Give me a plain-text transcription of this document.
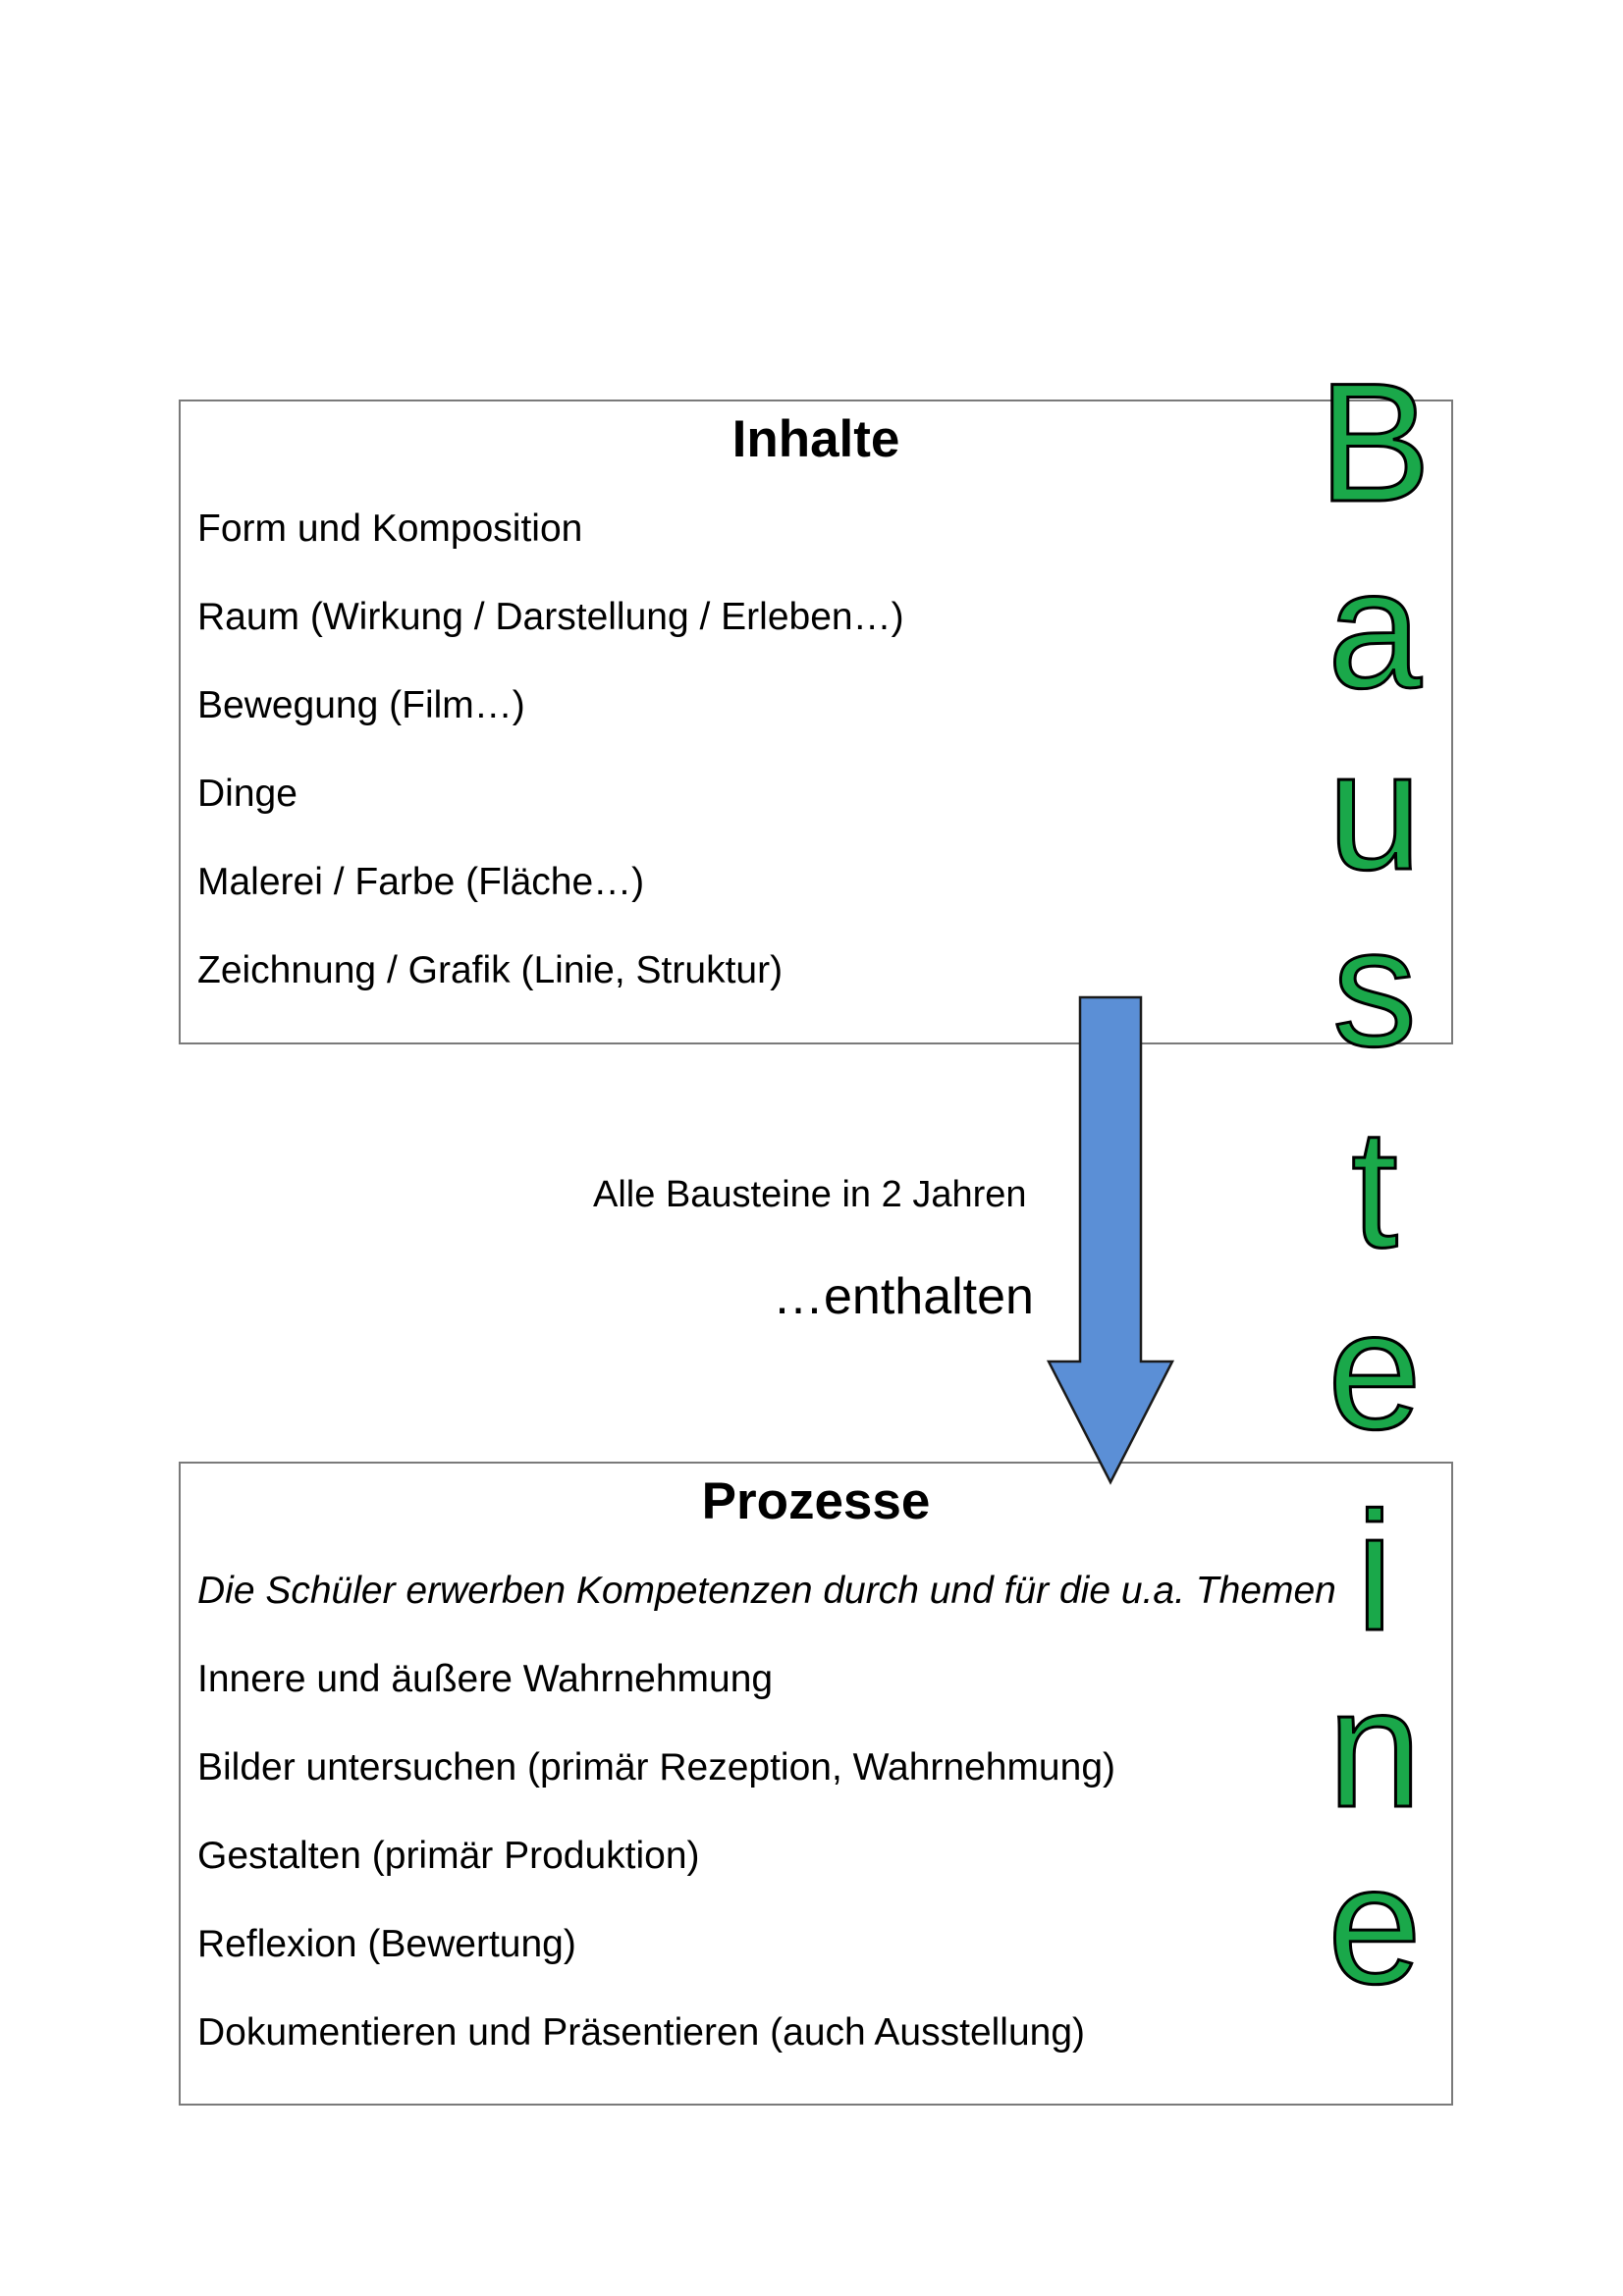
Inhalte
Form und Komposition
Raum (Wirkung / Darstellung / Erleben…)
Bewegung (Film…)
Dinge
Malerei / Farbe (Fläche…)
Zeichnung / Grafik (Linie, Struktur)
Alle Bausteine in 2 Jahren
…enthalten
Prozesse
Die Schüler erwerben Kompetenzen durch und für die u.a. Themen
Innere und äußere Wahrnehmung
Bilder untersuchen (primär Rezeption, Wahrnehmung)
Gestalten (primär Produktion)
Reflexion (Bewertung)
Dokumentieren und Präsentieren (auch Ausstellung)
B
a
u
s
t
e
i
n
e
